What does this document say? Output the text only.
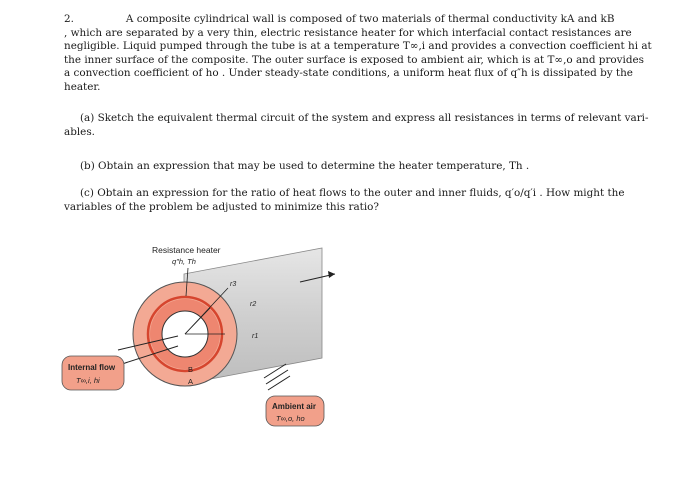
2.	A composite cylindrical wall is composed of two materials of thermal conductivity kA and kB
, which are separated by a very thin, electric resistance heater for which interfacial contact resistances are
negligible. Liquid pumped through the tube is at a temperature T∞,i and provides a convection coefficient hi at
the inner surface of the composite. The outer surface is exposed to ambient air, which is at T∞,o and provides
a convection coefficient of ho . Under steady-state conditions, a uniform heat flux of q″h is dissipated by the
heater.
(a) Sketch the equivalent thermal circuit of the system and express all resistances in terms of relevant vari-
ables.
(b) Obtain an expression that may be used to determine the heater temperature, Th .
(c) Obtain an expression for the ratio of heat flows to the outer and inner fluids, q′o/q′i . How might the
variables of the problem be adjusted to minimize this ratio?
Resistance heater
q″h, Th
r3
r2
r1
B
A
Internal flow
T∞,i, hi
Ambient air
T∞,o, ho
